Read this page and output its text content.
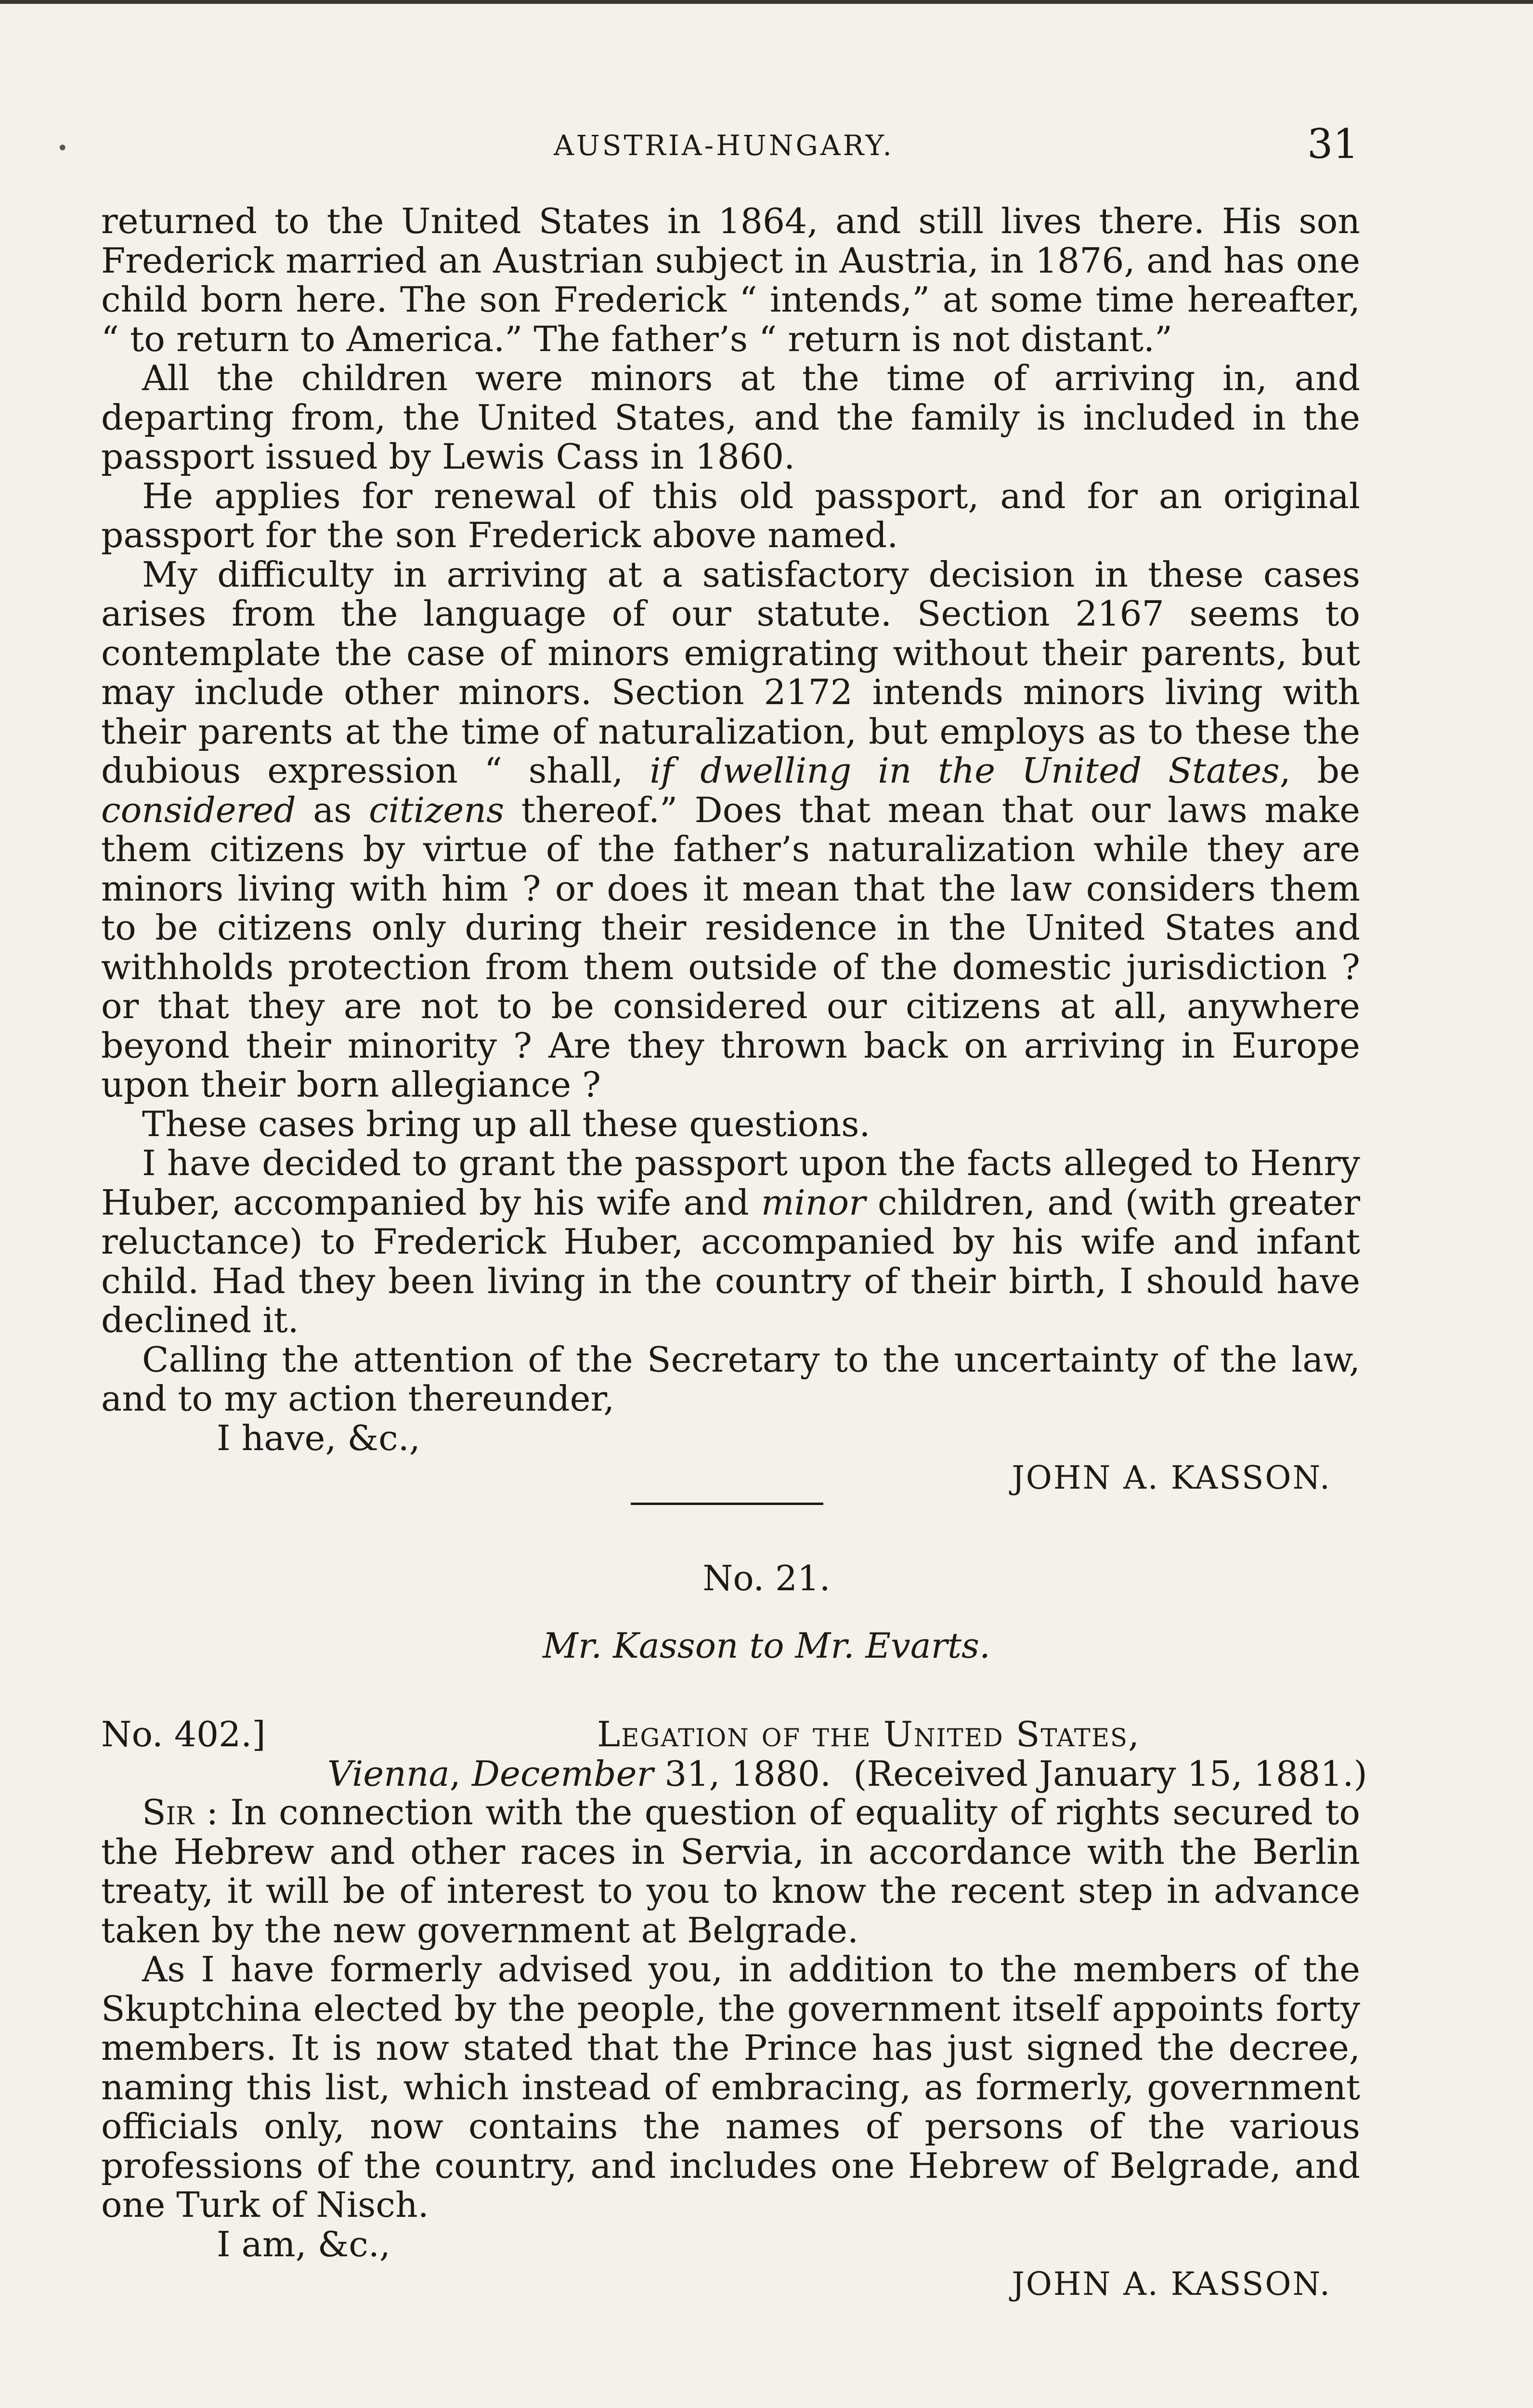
AUSTRIA-HUNGARY.	31
•

returned to the United States in 1864, and still lives there. His son Frederick married an Austrian subject in Austria, in 1876, and has one child born here. The son Frederick “ intends,” at some time hereafter, “ to return to America.” The father’s “ return is not distant.”

All the children were minors at the time of arriving in, and departing from, the United States, and the family is included in the passport issued by Lewis Cass in 1860.

He applies for renewal of this old passport, and for an original passport for the son Frederick above named.

My difficulty in arriving at a satisfactory decision in these cases arises from the language of our statute. Section 2167 seems to contemplate the case of minors emigrating without their parents, but may include other minors. Section 2172 intends minors living with their parents at the time of naturalization, but employs as to these the dubious expression “ shall, if dwelling in the United States, be considered as citizens thereof.” Does that mean that our laws make them citizens by virtue of the father’s naturalization while they are minors living with him ? or does it mean that the law considers them to be citizens only during their residence in the United States and withholds protection from them outside of the domestic jurisdiction ? or that they are not to be considered our citizens at all, anywhere beyond their minority ? Are they thrown back on arriving in Europe upon their born allegiance ?

These cases bring up all these questions.

I have decided to grant the passport upon the facts alleged to Henry Huber, accompanied by his wife and minor children, and (with greater reluctance) to Frederick Huber, accompanied by his wife and infant child. Had they been living in the country of their birth, I should have declined it.

Calling the attention of the Secretary to the uncertainty of the law, and to my action thereunder,

I have, &c.,
JOHN A. KASSON.
No. 21.
Mr. Kasson to Mr. Evarts.
No. 402.]	Legation of the United States,
Vienna, December 31, 1880. (Received January 15, 1881.)

Sir : In connection with the question of equality of rights secured to the Hebrew and other races in Servia, in accordance with the Berlin treaty, it will be of interest to you to know the recent step in advance taken by the new government at Belgrade.

As I have formerly advised you, in addition to the members of the Skuptchina elected by the people, the government itself appoints forty members. It is now stated that the Prince has just signed the decree, naming this list, which instead of embracing, as formerly, government officials only, now contains the names of persons of the various professions of the country, and includes one Hebrew of Belgrade, and one Turk of Nisch.

I am, &c.,
JOHN A. KASSON.
